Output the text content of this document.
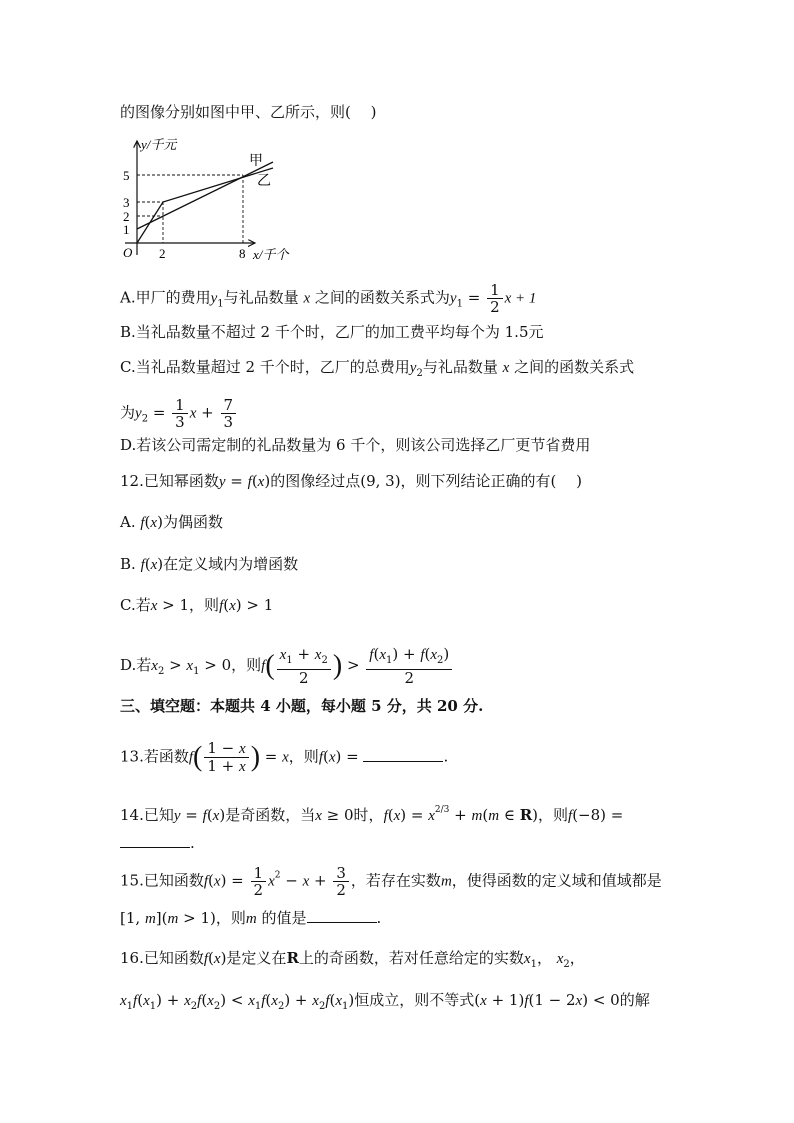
的图像分别如图中甲、乙所示，则(　 )
y/千元
x/千个
O
5
3
2
1
2	8
甲
乙
A.甲厂的费用$y_1$与礼品数量 x 之间的函数关系式为$y_1 = \frac{1}{2}$ x + 1
B.当礼品数量不超过 2 千个时，乙厂的加工费平均每个为 1.5元
C.当礼品数量超过 2 千个时，乙厂的总费用$y_2$与礼品数量 x 之间的函数关系式
为$y_2 = \frac{1}{3}$ $x + \frac{7}{3}$
D.若该公司需定制的礼品数量为 6 千个，则该公司选择乙厂更节省费用
12.已知幂函数y = f(x)的图像经过点(9, 3)，则下列结论正确的有(　 )
A. f(x)为偶函数
B. f(x)在定义域内为增函数
C.若x > 1，则f(x) > 1
D.若$x_2 > x_1 > 0$，则$f( \frac{x_1 + x_2}{2}$ ) > $\frac{f(x_1) + f(x_2)}{2}$
三、填空题：本题共 4 小题，每小题 5 分，共 20 分.
13.若函数$f( \frac{1 - x}{1 + x}$ ) = x，则f(x) =	.
14.已知y = f(x)是奇函数，当x ≥ 0时，$f(x) = x^{2/3} + m(m$ ∈ R)，则f(−8) =
.
15.已知函数$f(x) = \frac{1}{2} x^2 - x + \frac{3}{2}$ ，若存在实数m，使得函数的定义域和值域都是
[1, m](m > 1)，则m 的值是	.
16.已知函数f(x)是定义在R上的奇函数，若对任意给定的实数$x_1$， $x_2$，
$x_1f(x_1) + x_2f(x_2) < x_1f(x_2) + x_2f(x_1)$恒成立，则不等式(x + 1)f(1 − 2x) < 0的解
